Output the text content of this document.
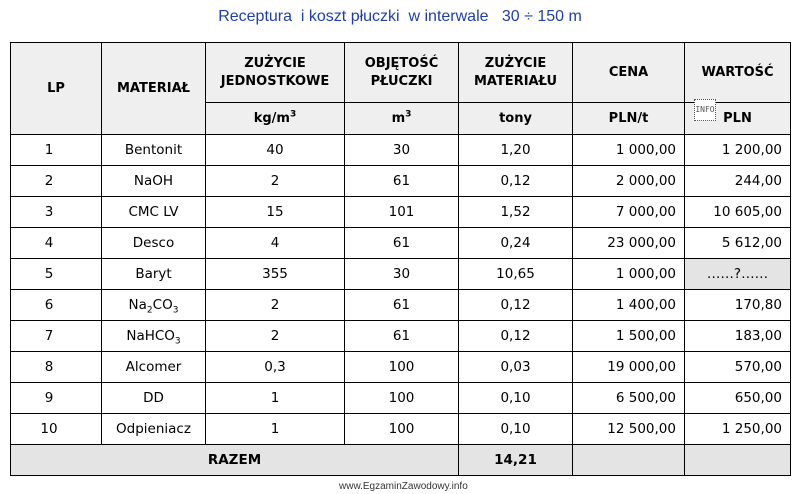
Receptura  i koszt płuczki  w interwale   30 ÷ 150 m
LP	MATERIAŁ	ZUŻYCIE JEDNOSTKOWE	OBJĘTOŚĆ PŁUCZKI	ZUŻYCIE MATERIAŁU	CENA	WARTOŚĆ
		$kg/m^3$	$m^3$	tony	PLN/t	PLN
1	Bentonit	40	30	1,20	1 000,00	1 200,00
2	NaOH	2	61	0,12	2 000,00	244,00
3	CMC LV	15	101	1,52	7 000,00	10 605,00
4	Desco	4	61	0,24	23 000,00	5 612,00
5	Baryt	355	30	10,65	1 000,00	……?……
6	$Na_2CO_3$	2	61	0,12	1 400,00	170,80
7	NaHCO$_3$	2	61	0,12	1 500,00	183,00
8	Alcomer	0,3	100	0,03	19 000,00	570,00
9	DD	1	100	0,10	6 500,00	650,00
10	Odpieniacz	1	100	0,10	12 500,00	1 250,00
RAZEM				14,21		
INFO
www.EgzaminZawodowy.info
